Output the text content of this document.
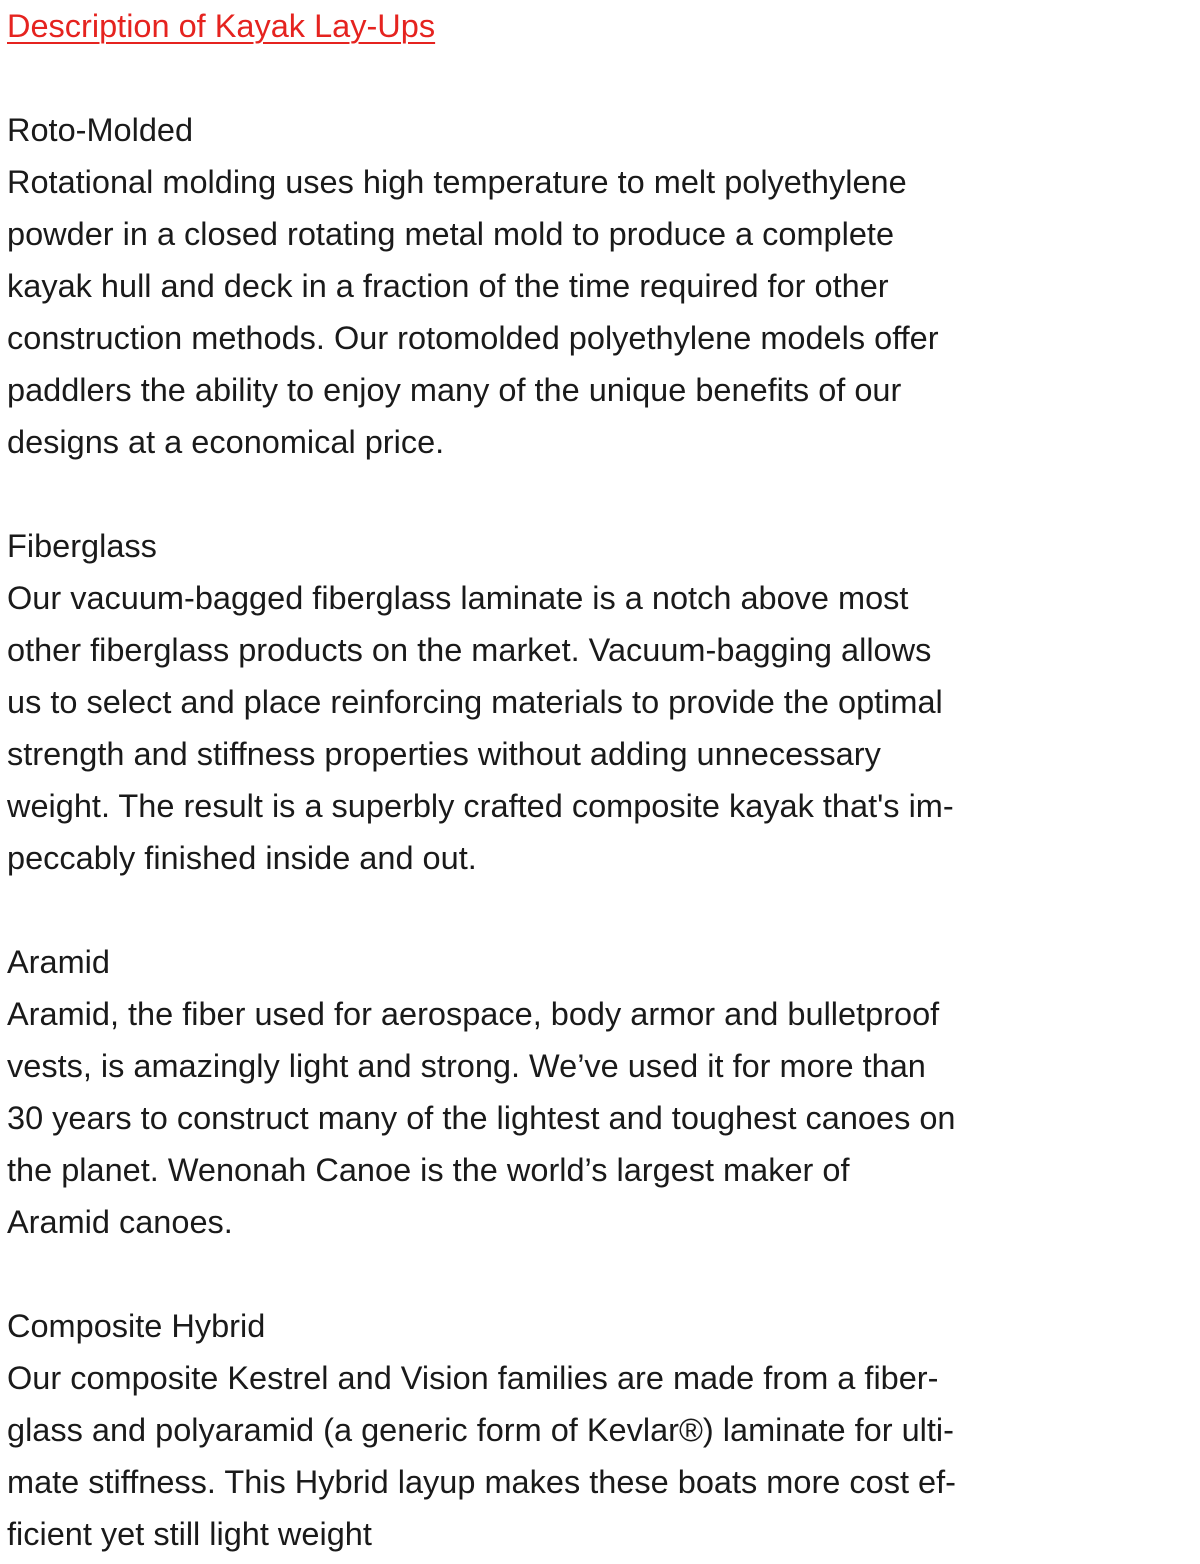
Description of Kayak Lay-Ups
Roto-Molded

Rotational molding uses high temperature to melt polyethylene

powder in a closed rotating metal mold to produce a complete

kayak hull and deck in a fraction of the time required for other

construction methods. Our rotomolded polyethylene models offer

paddlers the ability to enjoy many of the unique benefits of our

designs at a economical price.

Fiberglass

Our vacuum-bagged fiberglass laminate is a notch above most

other fiberglass products on the market. Vacuum-bagging allows

us to select and place reinforcing materials to provide the optimal

strength and stiffness properties without adding unnecessary

weight. The result is a superbly crafted composite kayak that's im-

peccably finished inside and out.

Aramid

Aramid, the fiber used for aerospace, body armor and bulletproof

vests, is amazingly light and strong. We’ve used it for more than

30 years to construct many of the lightest and toughest canoes on

the planet. Wenonah Canoe is the world’s largest maker of

Aramid canoes.

Composite Hybrid

Our composite Kestrel and Vision families are made from a fiber-

glass and polyaramid (a generic form of Kevlar®) laminate for ulti-

mate stiffness. This Hybrid layup makes these boats more cost ef-

ficient yet still light weight
